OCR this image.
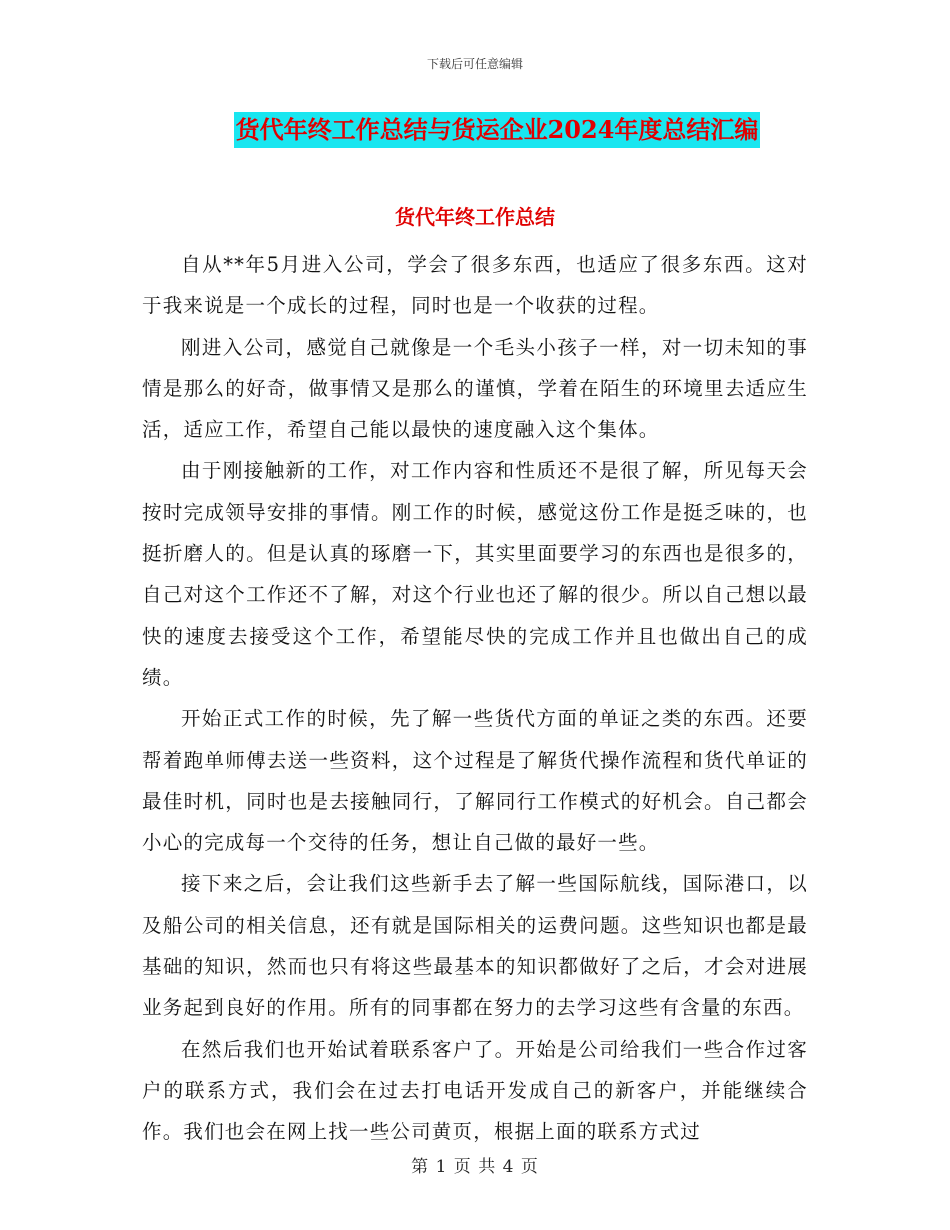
下载后可任意编辑
货代年终工作总结与货运企业2024年度总结汇编
货代年终工作总结

自从**年5月进入公司，学会了很多东西，也适应了很多东西。这对于我来说是一个成长的过程，同时也是一个收获的过程。

刚进入公司，感觉自己就像是一个毛头小孩子一样，对一切未知的事情是那么的好奇，做事情又是那么的谨慎，学着在陌生的环境里去适应生活，适应工作，希望自己能以最快的速度融入这个集体。

由于刚接触新的工作，对工作内容和性质还不是很了解，所见每天会按时完成领导安排的事情。刚工作的时候，感觉这份工作是挺乏味的，也挺折磨人的。但是认真的琢磨一下，其实里面要学习的东西也是很多的，自己对这个工作还不了解，对这个行业也还了解的很少。所以自己想以最快的速度去接受这个工作，希望能尽快的完成工作并且也做出自己的成绩。

开始正式工作的时候，先了解一些货代方面的单证之类的东西。还要帮着跑单师傅去送一些资料，这个过程是了解货代操作流程和货代单证的最佳时机，同时也是去接触同行，了解同行工作模式的好机会。自己都会小心的完成每一个交待的任务，想让自己做的最好一些。

接下来之后，会让我们这些新手去了解一些国际航线，国际港口，以及船公司的相关信息，还有就是国际相关的运费问题。这些知识也都是最基础的知识，然而也只有将这些最基本的知识都做好了之后，才会对进展业务起到良好的作用。所有的同事都在努力的去学习这些有含量的东西。

在然后我们也开始试着联系客户了。开始是公司给我们一些合作过客户的联系方式，我们会在过去打电话开发成自己的新客户，并能继续合作。我们也会在网上找一些公司黄页，根据上面的联系方式过

第 1 页 共 4 页
